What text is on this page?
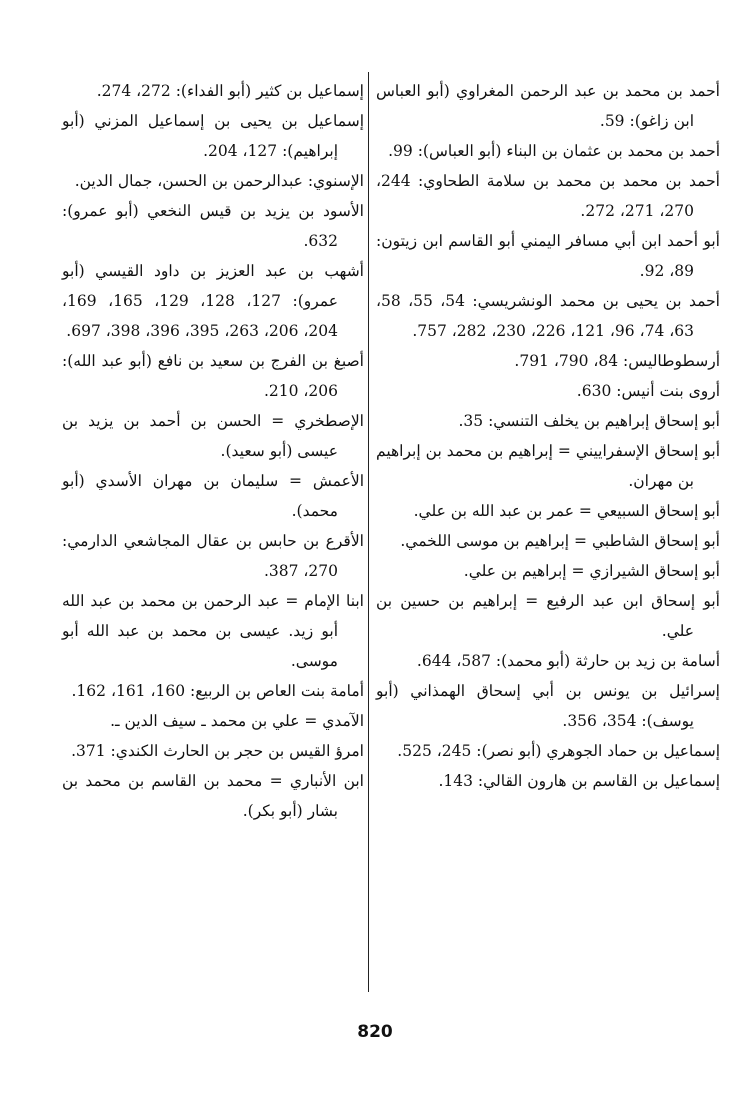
أحمد بن محمد بن عبد الرحمن المغراوي (أبو العباس ابن زاغو): 59.
أحمد بن محمد بن عثمان بن البناء (أبو العباس): 99.
أحمد بن محمد بن محمد بن سلامة الطحاوي: 244، 270، 271، 272.
أبو أحمد ابن أبي مسافر اليمني أبو القاسم ابن زيتون: 89، 92.
أحمد بن يحيى بن محمد الونشريسي: 54، 55، 58، 63، 74، 96، 121، 226، 230، 282، 757.
أرسطوطاليس: 84، 790، 791.
أروى بنت أنيس: 630.
أبو إسحاق إبراهيم بن يخلف التنسي: 35.
أبو إسحاق الإسفراييني = إبراهيم بن محمد بن إبراهيم بن مهران.
أبو إسحاق السبيعي = عمر بن عبد الله بن علي.
أبو إسحاق الشاطبي = إبراهيم بن موسى اللخمي.
أبو إسحاق الشيرازي = إبراهيم بن علي.
أبو إسحاق ابن عبد الرفيع = إبراهيم بن حسين بن علي.
أسامة بن زيد بن حارثة (أبو محمد): 587، 644.
إسرائيل بن يونس بن أبي إسحاق الهمذاني (أبو يوسف): 354، 356.
إسماعيل بن حماد الجوهري (أبو نصر): 245، 525.
إسماعيل بن القاسم بن هارون القالي: 143.
إسماعيل بن كثير (أبو الفداء): 272، 274.
إسماعيل بن يحيى بن إسماعيل المزني (أبو إبراهيم): 127، 204.
الإسنوي: عبدالرحمن بن الحسن، جمال الدين.
الأسود بن يزيد بن قيس النخعي (أبو عمرو): 632.
أشهب بن عبد العزيز بن داود القيسي (أبو عمرو): 127، 128، 129، 165، 169، 204، 206، 263، 395، 396، 398، 697.
أصبغ بن الفرج بن سعيد بن نافع (أبو عبد الله): 206، 210.
الإصطخري = الحسن بن أحمد بن يزيد بن عيسى (أبو سعيد).
الأعمش = سليمان بن مهران الأسدي (أبو محمد).
الأقرع بن حابس بن عقال المجاشعي الدارمي: 270، 387.
ابنا الإمام = عبد الرحمن بن محمد بن عبد الله أبو زيد. عيسى بن محمد بن عبد الله أبو موسى.
أمامة بنت العاص بن الربيع: 160، 161، 162.
الآمدي = علي بن محمد ـ سيف الدين ـ.
امرؤ القيس بن حجر بن الحارث الكندي: 371.
ابن الأنباري = محمد بن القاسم بن محمد بن بشار (أبو بكر).
820
